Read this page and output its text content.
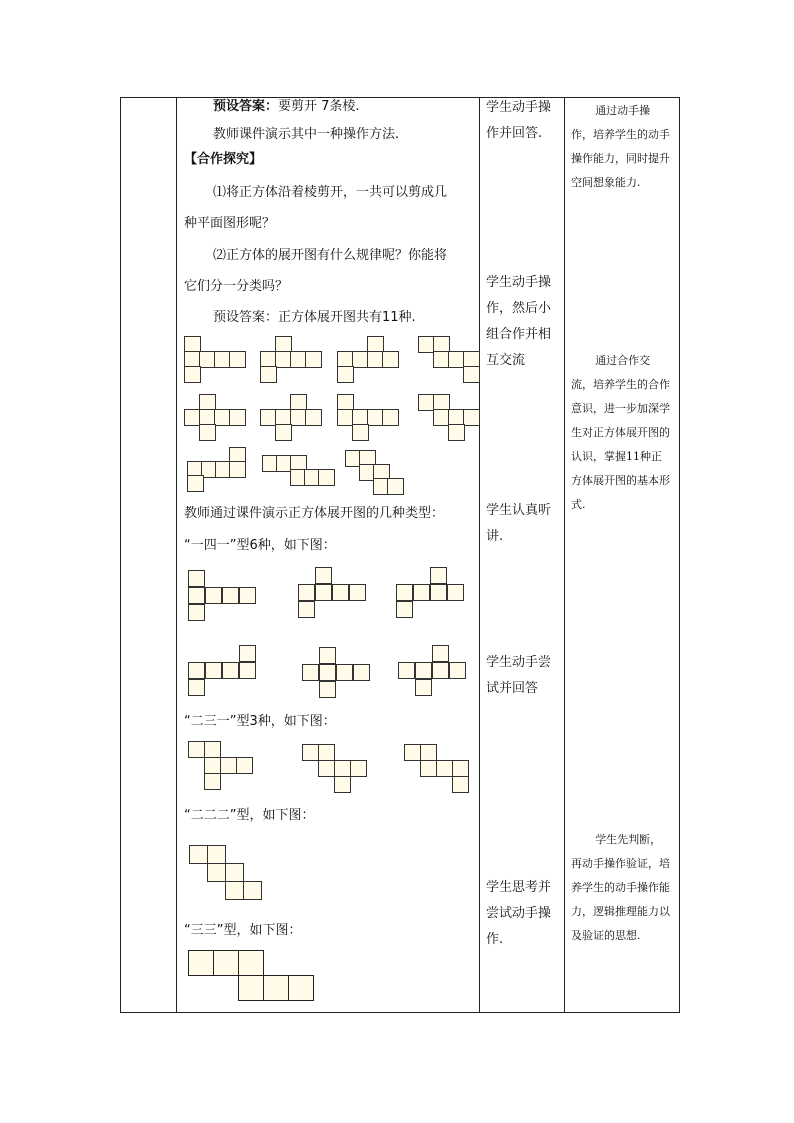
预设答案：要剪开 7条棱.
教师课件演示其中一种操作方法.
【合作探究】
⑴将正方体沿着棱剪开，一共可以剪成几
种平面图形呢？
⑵正方体的展开图有什么规律呢？你能将
它们分一分类吗？
预设答案：正方体展开图共有11种.
教师通过课件演示正方体展开图的几种类型：
“一四一”型6种，如下图：
“二三一”型3种，如下图：
“二二二”型，如下图：
“三三”型，如下图：
学生动手操作并回答.
学生动手操作，然后小组合作并相互交流
学生认真听讲.
学生动手尝试并回答
学生思考并尝试动手操作.
通过动手操作，培养学生的动手操作能力，同时提升空间想象能力.
通过合作交流，培养学生的合作意识，进一步加深学生对正方体展开图的认识，掌握11种正方体展开图的基本形式.
学生先判断，再动手操作验证，培养学生的动手操作能力，逻辑推理能力以及验证的思想.
